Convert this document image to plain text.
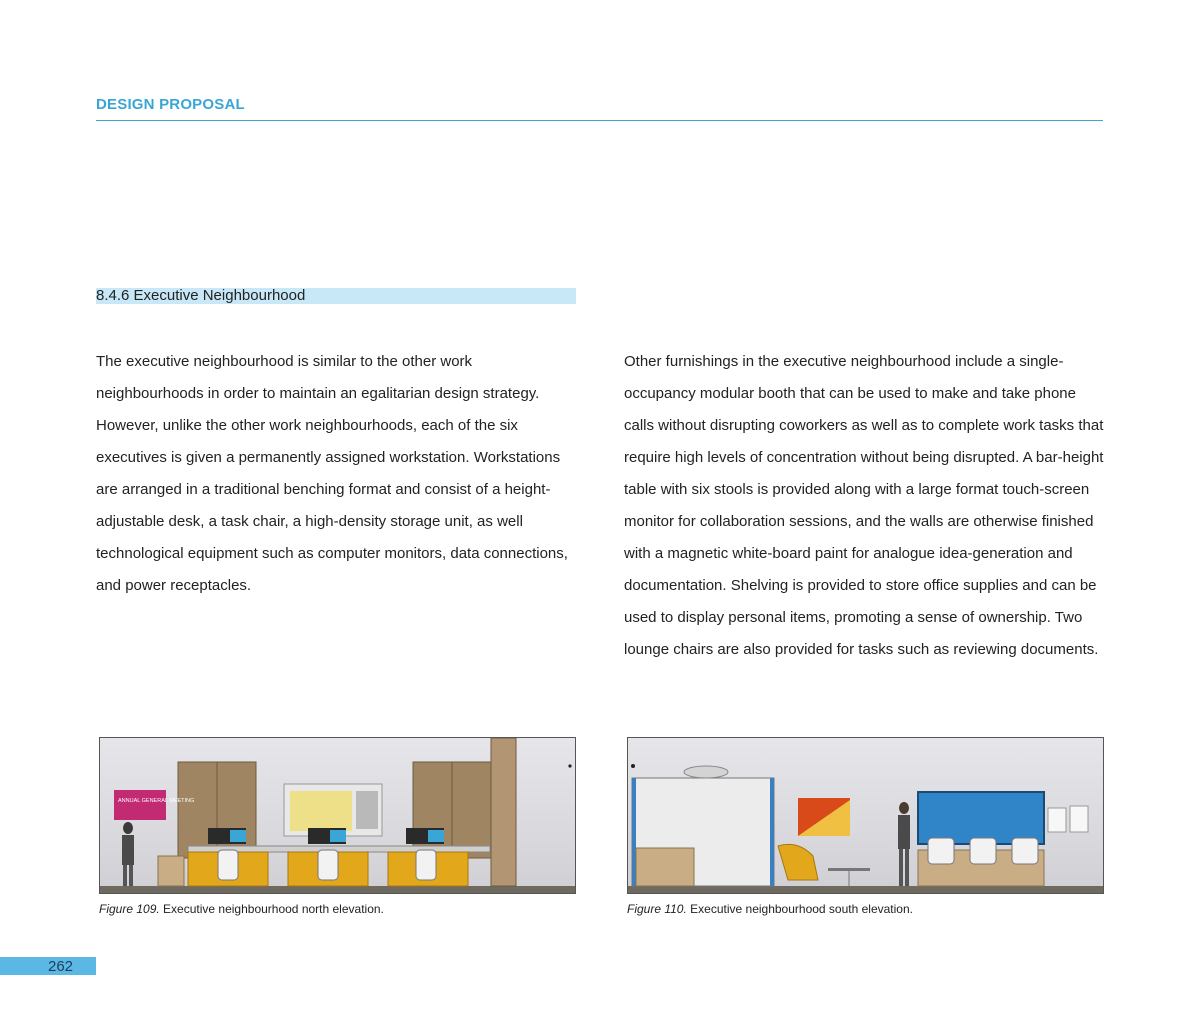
DESIGN PROPOSAL
8.4.6 Executive Neighbourhood
The executive neighbourhood is similar to the other work neighbourhoods in order to maintain an egalitarian design strategy. However, unlike the other work neighbourhoods, each of the six executives is given a permanently assigned workstation. Workstations are arranged in a traditional benching format and consist of a height-adjustable desk, a task chair, a high-density storage unit, as well technological equipment such as computer monitors, data connections, and power receptacles.
Other furnishings in the executive neighbourhood include a single-occupancy modular booth that can be used to make and take phone calls without disrupting coworkers as well as to complete work tasks that require high levels of concentration without being disrupted. A bar-height table with six stools is provided along with a large format touch-screen monitor for collaboration sessions, and the walls are otherwise finished with a magnetic white-board paint for analogue idea-generation and documentation. Shelving is provided to store office supplies and can be used to display personal items, promoting a sense of ownership. Two lounge chairs are also provided for tasks such as reviewing documents.
ANNUAL GENERAL MEETING
Figure 109. Executive neighbourhood north elevation.	Figure 110. Executive neighbourhood south elevation.
262
